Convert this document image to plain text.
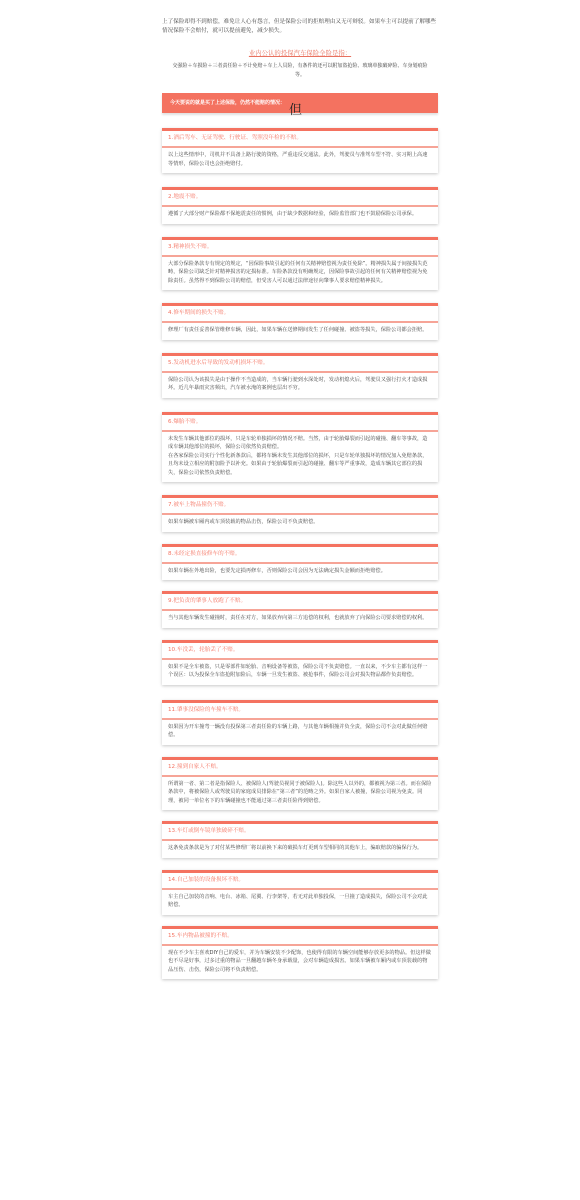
但

上了保险却得不到赔偿，难免让人心有怨言，但是保险公司的拒赔理由又无可辩驳。如果车主可以提前了解哪些情况保险不会赔付，就可以提前避免，减少损失。

业内公认的投保汽车保险全险是指：
交强险＋车损险＋三者责任险＋不计免赔＋车上人员险，有条件的还可以附加盗抢险、玻璃单独破碎险、车身划痕险等。
今天要说的就是买了上述保险，仍然不能赔的情况：
1.酒后驾车、无证驾驶、行驶证、驾照没年检的不赔。

以上这些情形中，司机并不具备上路行驶的资格，严重违反交通法。此外，驾驶员与准驾车型不符、实习期上高速等情形，保险公司也会拒绝赔付。

2.地震不赔。

遵循了大部分财产保险都不保地震责任的惯例，由于缺少数据和经验，保险监管部门也不鼓励保险公司承保。

3.精神损失不赔。

大部分保险条款专有规定的规定，“因保险事故引起的任何有关精神赔偿视为责任免除”。精神损失属于间接损失范畴，保险公司缺乏针对精神损害的定损标准。车险条款没有明确规定，因保险事故引起的任何有关精神赔偿视为免除责任。虽然得不到保险公司的赔偿，但受害人可以通过法律途径向肇事人要求赔偿精神损失。

4.修车期间的损失不赔。

修理厂有责任妥善保管维修车辆，因此，如果车辆在送修期间发生了任何碰撞、被盗等损失，保险公司都会拒赔。

5.发动机进水后导致的发动机损坏不赔。

保险公司认为该损失是由于操作不当造成的，当车辆行驶到水深处时，发动机熄火后，驾驶员又强行打火才造成损坏。近几年暴雨灾害频出，汽车被水淹的案例也层出不穷。

6.爆胎不赔。

未发生车辆其他部位的损坏，只是车轮单独损坏的情况不赔。当然，由于轮胎爆裂而引起的碰撞、翻车等事故，造成车辆其他部位的损坏，保险公司依然负责赔偿。

在各家保险公司实行个性化新条款后，都将车辆未发生其他部位的损坏，只是车轮单独损坏的情况加入免赔条款，且均未设立相应的附加险予以补充。如果由于轮胎爆裂而引起的碰撞、翻车等严重事故，造成车辆其它部位的损失，保险公司依然负责赔偿。

7.被车上物品撞伤不赔。

如果车辆被车厢内或车顶装载的物品击伤，保险公司不负责赔偿。

8.未经定损直接修车的不赔。

如果车辆在外地出险，也要先定损再修车，否则保险公司会因为无法确定损失金额而拒绝赔偿。

9.把负责的肇事人放跑了不赔。

当与其他车辆发生碰撞时，责任在对方，如果放弃向第三方追偿的权利，也就放弃了向保险公司要求赔偿的权利。

10.车没丢，轮胎丢了不赔。

如果不是全车被盗，只是零部件如轮胎、音响设备等被盗，保险公司不负责赔偿。一直以来，不少车主都有这样一个误区：以为投保全车盗抢附加险后，车辆一旦发生被盗、被抢事件，保险公司会对损失物品都作负责赔偿。

11.肇事没保险的车撞车不赔。

如果因为开车撞弯一辆没有投保第三者责任险的车辆上路，与其他车辆相撞并负全责，保险公司不会对此做任何赔偿。

12.撞到自家人不赔。

所谓第一者、第二者是指保险人、被保险人(驾驶员视同于被保险人)。除这些人以外的，都被视为第三者。而在保险条款中，将被保险人或驾驶员的家庭成员排除在“第三者”的范畴之外。如果自家人被撞，保险公司视为免责。同理，被同一单位名下的车辆碰撞也不能通过第三者责任险得到赔偿。

13.车灯或倒车镜单独破碎不赔。

这条免责条款是为了对付某些修理厂将以前换下来的破损车灯更到车型相同的其他车上，骗取赔款的骗保行为。

14.自己加装的设备损坏不赔。

车主自己加装的音响、电台、冰箱、尾翼、行李架等，若无对此单独投保，一旦撞了造成损失，保险公司不会对此赔偿。

15.车内物品被撞的不赔。

现在不少车主喜欢DIY自己的爱车，并为车辆安装不少配饰，也使得有限的车辆空间能够存放更多的物品。但这样做也不尽是好事，过多过重的物品一旦翻越车辆冬身承载量，会对车辆造成损害。如果车辆被车厢内或车顶装载的物品压伤、击伤，保险公司将不负责赔偿。
